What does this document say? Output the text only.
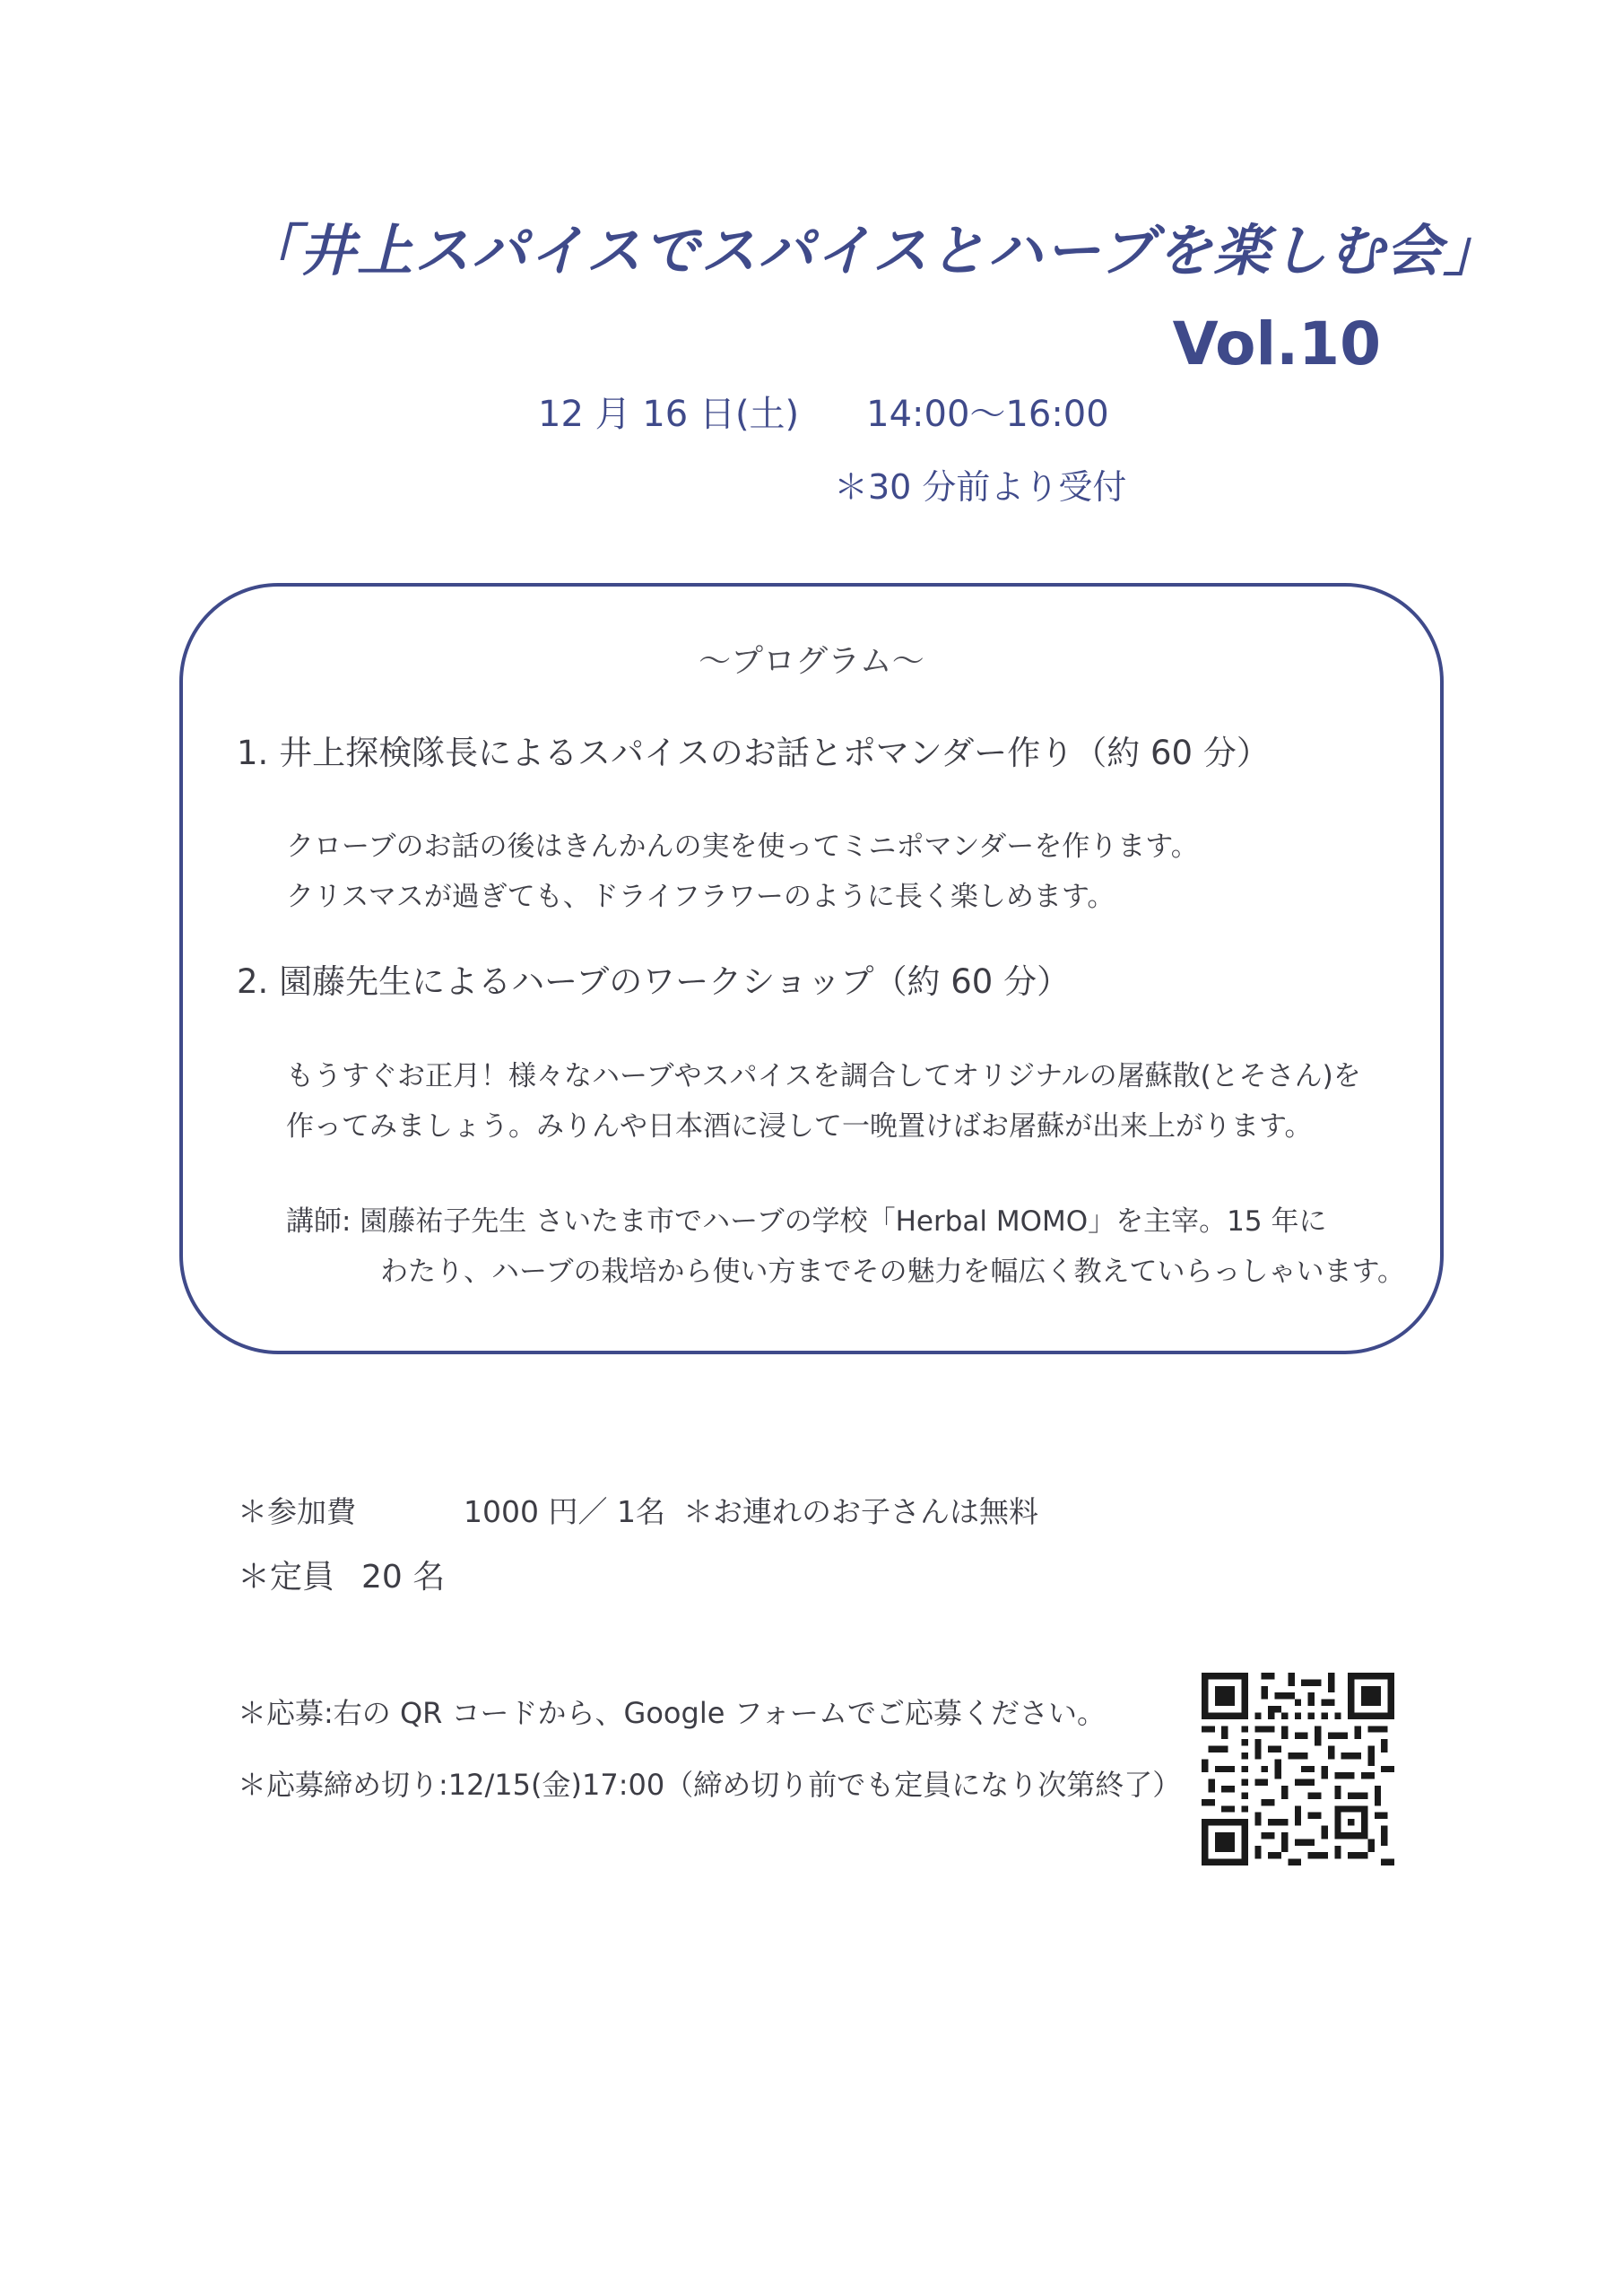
「井上スパイスでスパイスとハーブを楽しむ会」
Vol.10
12 月 16 日(土) 14:00〜16:00
＊30 分前より受付
〜プログラム〜
1. 井上探検隊長によるスパイスのお話とポマンダー作り（約 60 分）
クローブのお話の後はきんかんの実を使ってミニポマンダーを作ります。
クリスマスが過ぎても、ドライフラワーのように長く楽しめます。
2. 園藤先生によるハーブのワークショップ（約 60 分）
もうすぐお正月！様々なハーブやスパイスを調合してオリジナルの屠蘇散(とそさん)を
作ってみましょう。みりんや日本酒に浸して一晩置けばお屠蘇が出来上がります。
講師: 園藤祐子先生 さいたま市でハーブの学校「Herbal MOMO」を主宰。15 年に
わたり、ハーブの栽培から使い方までその魅力を幅広く教えていらっしゃいます。
＊参加費	1000 円／ 1名 ＊お連れのお子さんは無料
＊定員 20 名
＊応募:右の QR コードから、Google フォームでご応募ください。
＊応募締め切り:12/15(金)17:00（締め切り前でも定員になり次第終了）
